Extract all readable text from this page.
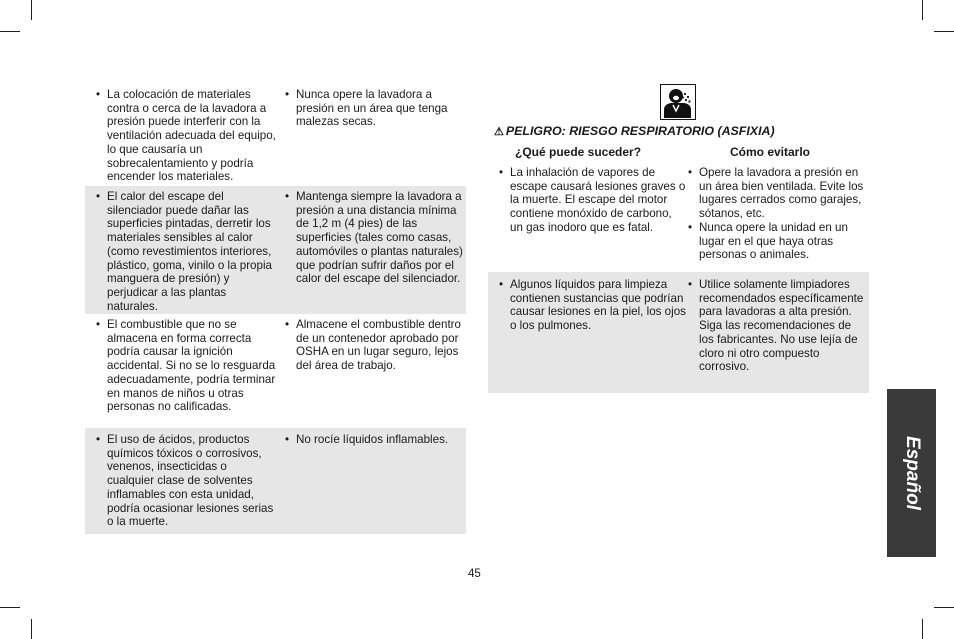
• La colocación de materiales contra o cerca de la lavadora a presión puede interferir con la ventilación adecuada del equipo, lo que causaría un sobrecalentamiento y podría encender los materiales.

• Nunca opere la lavadora a presión en un área que tenga malezas secas.

• El calor del escape del silenciador puede dañar las superficies pintadas, derretir los materiales sensibles al calor (como revestimientos interiores, plástico, goma, vinilo o la propia manguera de presión) y perjudicar a las plantas naturales.

• Mantenga siempre la lavadora a presión a una distancia mínima de 1,2 m (4 pies) de las superficies (tales como casas, automóviles o plantas naturales) que podrían sufrir daños por el calor del escape del silenciador.

• El combustible que no se almacena en forma correcta podría causar la ignición accidental. Si no se lo resguarda adecuadamente, podría terminar en manos de niños u otras personas no calificadas.

• Almacene el combustible dentro de un contenedor aprobado por OSHA en un lugar seguro, lejos del área de trabajo.

• El uso de ácidos, productos químicos tóxicos o corrosivos, venenos, insecticidas o cualquier clase de solventes inflamables con esta unidad, podría ocasionar lesiones serias o la muerte.

• No rocíe líquidos inflamables.

⚠ PELIGRO: RIESGO RESPIRATORIO (ASFIXIA)
¿Qué puede suceder?	Cómo evitarlo

• La inhalación de vapores de escape causará lesiones graves o la muerte. El escape del motor contiene monóxido de carbono, un gas inodoro que es fatal.

• Opere la lavadora a presión en un área bien ventilada. Evite los lugares cerrados como garajes, sótanos, etc.

• Nunca opere la unidad en un lugar en el que haya otras personas o animales.

• Algunos líquidos para limpieza contienen sustancias que podrían causar lesiones en la piel, los ojos o los pulmones.

• Utilice solamente limpiadores recomendados específicamente para lavadoras a alta presión. Siga las recomendaciones de los fabricantes. No use lejía de cloro ni otro compuesto corrosivo.

Español
45
